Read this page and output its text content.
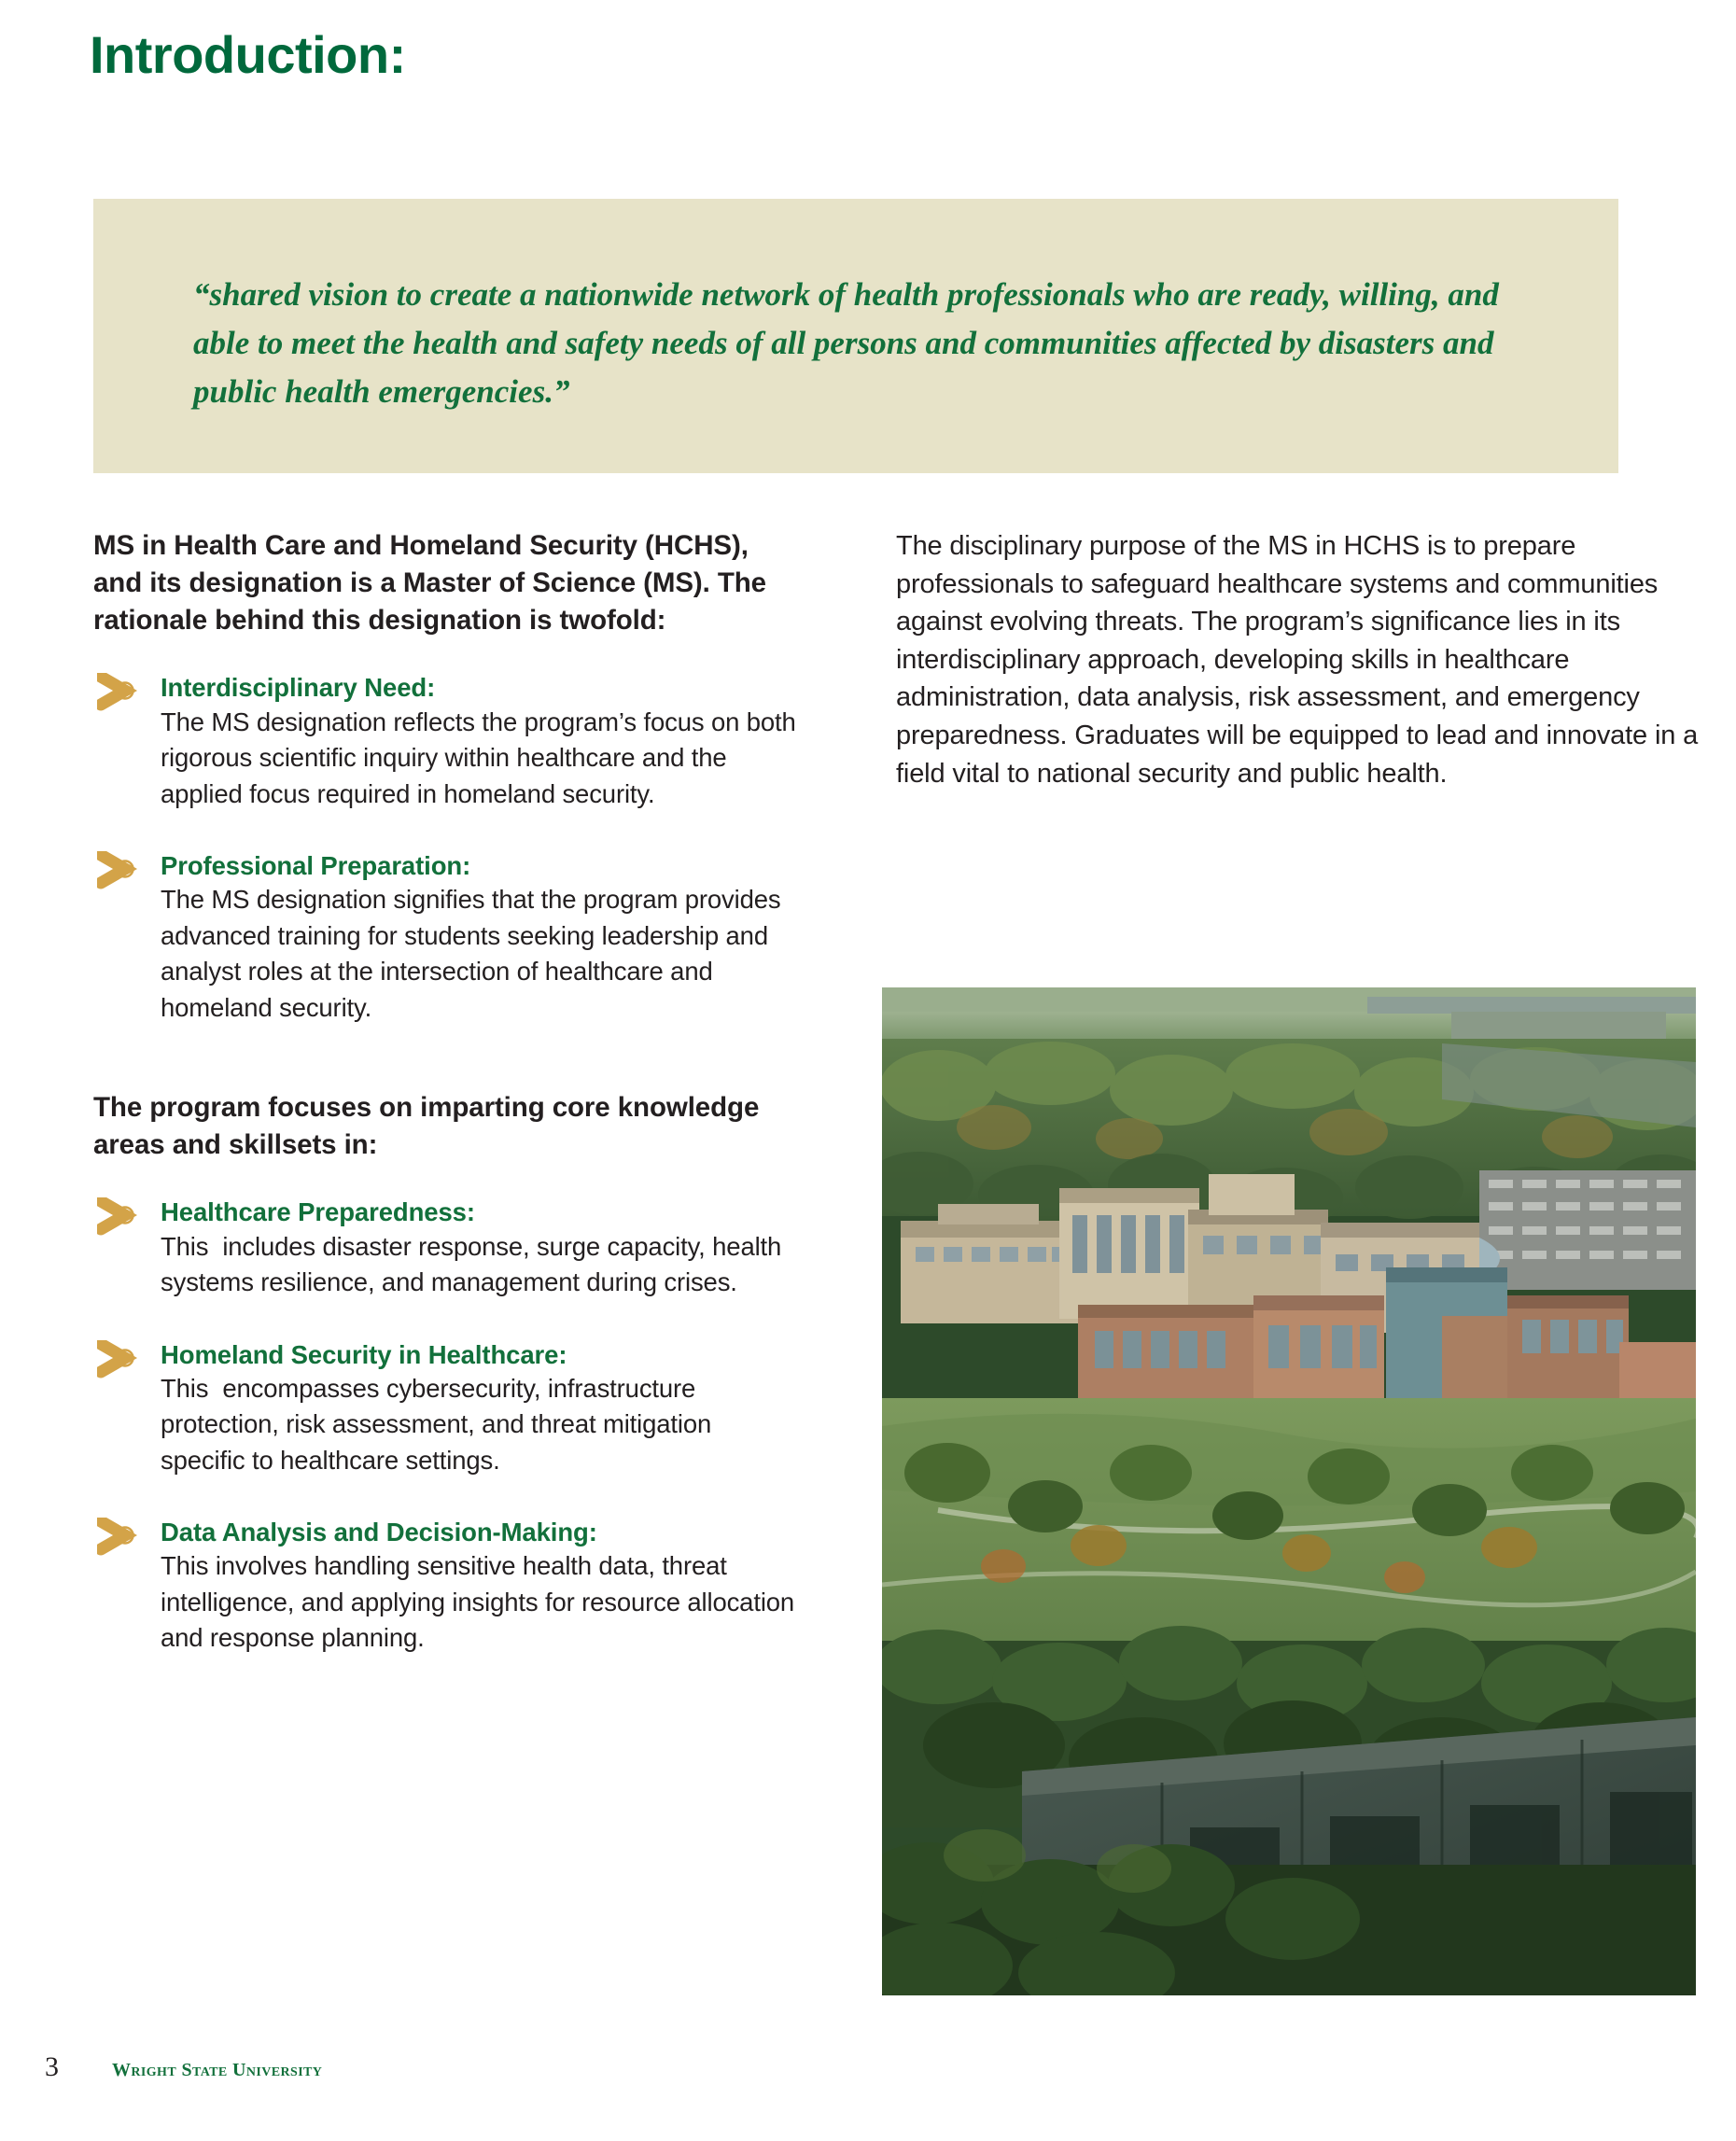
Introduction:
“shared vision to create a nationwide network of health professionals who are ready, willing, and able to meet the health and safety needs of all persons and communities affected by disasters and public health emergencies.”
MS in Health Care and Homeland Security (HCHS), and its designation is a Master of Science (MS). The rationale behind this designation is twofold:
Interdisciplinary Need:
The MS designation reflects the program’s focus on both rigorous scientific inquiry within healthcare and the applied focus required in homeland security.
Professional Preparation:
The MS designation signifies that the program provides advanced training for students seeking leadership and analyst roles at the intersection of healthcare and homeland security.
The program focuses on imparting core knowledge areas and skillsets in:
Healthcare Preparedness:
This  includes disaster response, surge capacity, health systems resilience, and management during crises.
Homeland Security in Healthcare:
This  encompasses cybersecurity, infrastructure protection, risk assessment, and threat mitigation specific to healthcare settings.
Data Analysis and Decision-Making:
This involves handling sensitive health data, threat intelligence, and applying insights for resource allocation and response planning.
The disciplinary purpose of the MS in HCHS is to prepare professionals to safeguard healthcare systems and communities against evolving threats. The program’s significance lies in its interdisciplinary approach, developing skills in healthcare administration, data analysis, risk assessment, and emergency preparedness. Graduates will be equipped to lead and innovate in a field vital to national security and public health.
3	Wright State University
